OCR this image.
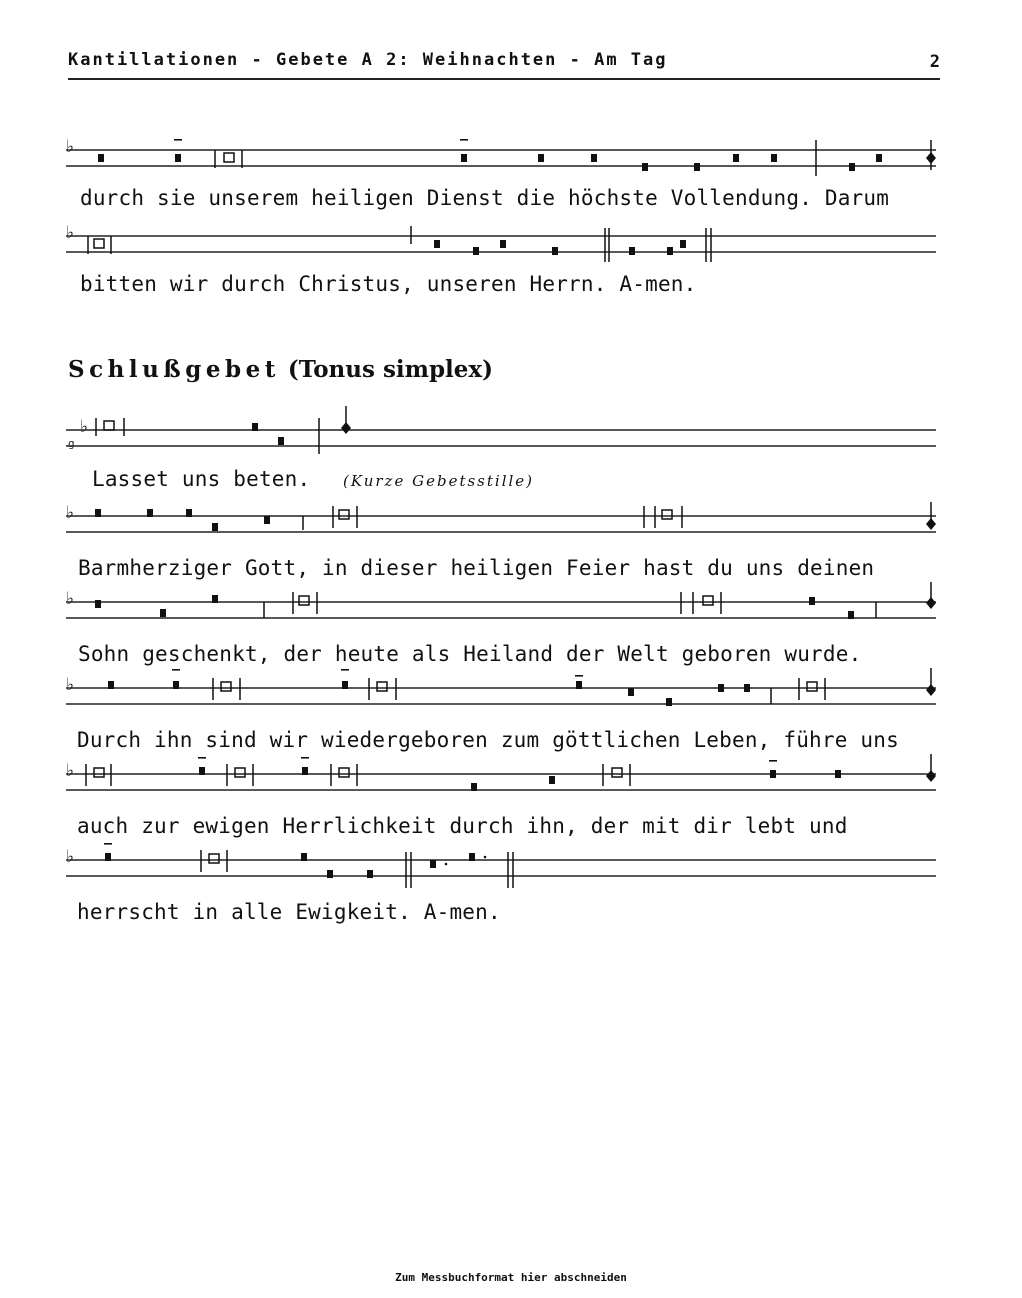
Kantillationen - Gebete A 2: Weihnachten - Am Tag	2
♭
♭
♭
♭
♭
♭
♭
♭
g
durch sie unserem heiligen Dienst die höchste Vollendung. Darum
bitten wir durch Christus, unseren Herrn. A-men.
Schlußgebet (Tonus simplex)
Lasset uns beten. (Kurze Gebetsstille)
Barmherziger Gott, in dieser heiligen Feier hast du uns deinen
Sohn geschenkt, der heute als Heiland der Welt geboren wurde.
Durch ihn sind wir wiedergeboren zum göttlichen Leben, führe uns
auch zur ewigen Herrlichkeit durch ihn, der mit dir lebt und
herrscht in alle Ewigkeit. A-men.
Zum Messbuchformat hier abschneiden
